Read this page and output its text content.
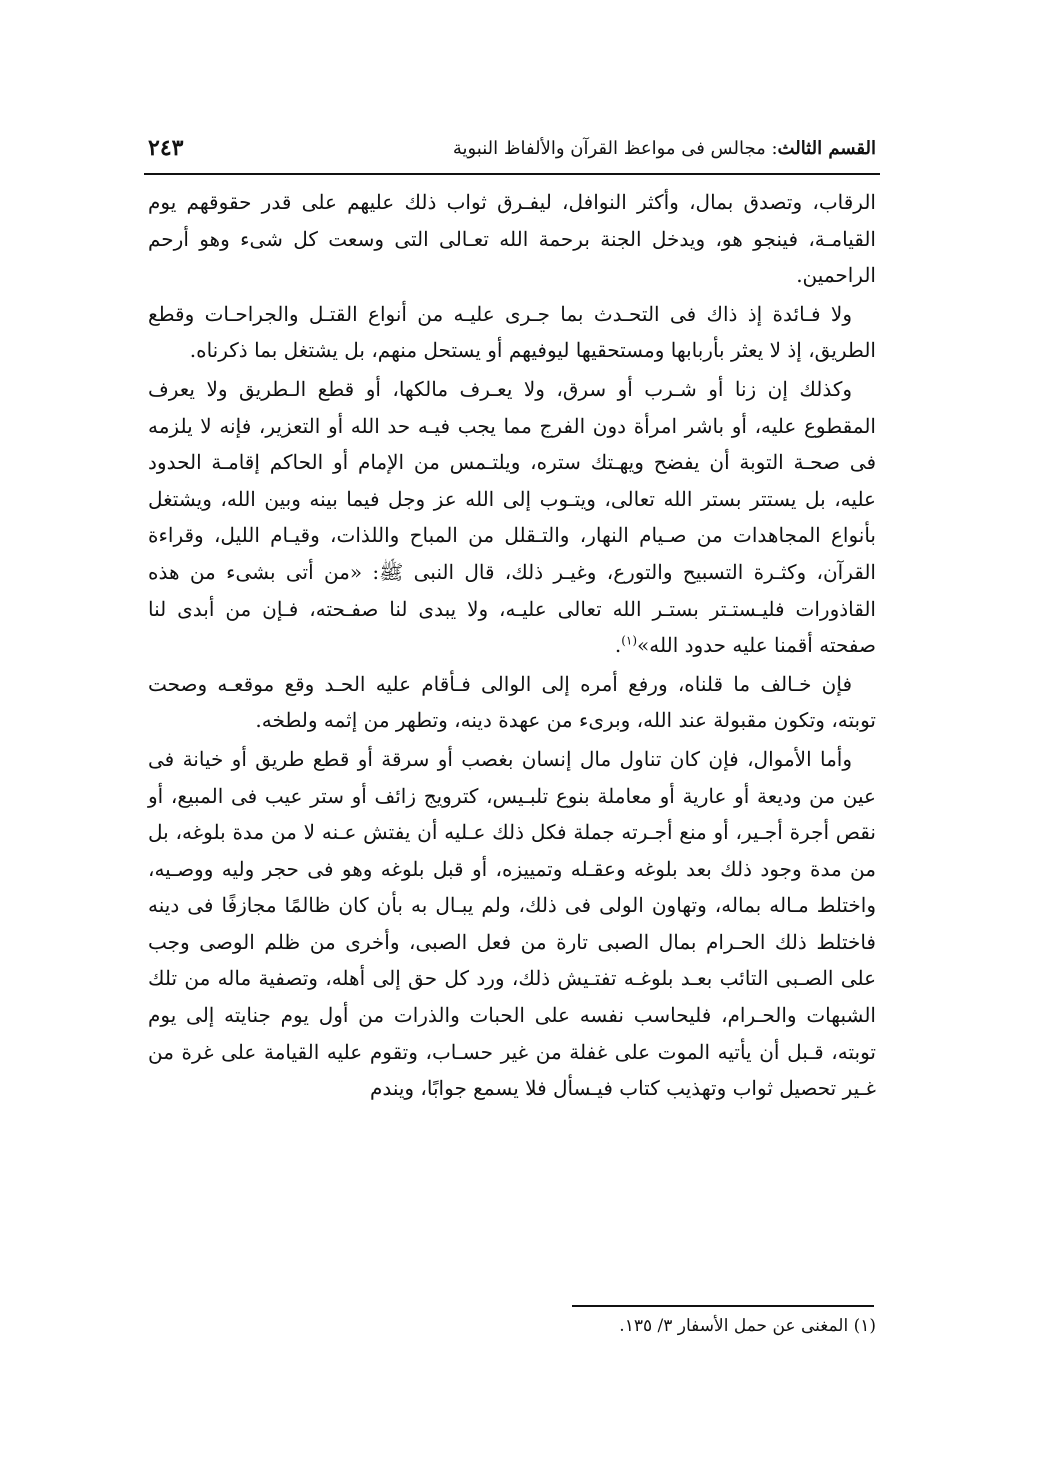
القسم الثالث: مجالس فى مواعظ القرآن والألفاظ النبوية
٢٤٣

الرقاب، وتصدق بمال، وأكثر النوافل، ليفـرق ثواب ذلك عليهم على قدر حقوقهم يوم القيامـة، فينجو هو، ويدخل الجنة برحمة الله تعـالى التى وسعت كل شىء وهو أرحم الراحمين.

ولا فـائدة إذ ذاك فى التحـدث بما جـرى عليـه من أنواع القتـل والجراحـات وقطع الطريق، إذ لا يعثر بأربابها ومستحقيها ليوفيهم أو يستحل منهم، بل يشتغل بما ذكرناه.

وكذلك إن زنا أو شـرب أو سرق، ولا يعـرف مالكها، أو قطع الـطريق ولا يعرف المقطوع عليه، أو باشر امرأة دون الفرج مما يجب فيـه حد الله أو التعزير، فإنه لا يلزمه فى صحـة التوبة أن يفضح ويهـتك ستره، ويلتـمس من الإمام أو الحاكم إقامـة الحدود عليه، بل يستتر بستر الله تعالى، ويتـوب إلى الله عز وجل فيما بينه وبين الله، ويشتغل بأنواع المجاهدات من صـيام النهار، والتـقلل من المباح واللذات، وقيـام الليل، وقراءة القرآن، وكثـرة التسبيح والتورع، وغيـر ذلك، قال النبى ﷺ: «من أتى بشىء من هذه القاذورات فليـستـتر بستـر الله تعالى عليـه، ولا يبدى لنا صفـحته، فـإن من أبدى لنا صفحته أقمنا عليه حدود الله»$^{(١)}$.

فإن خـالف ما قلناه، ورفع أمره إلى الوالى فـأقام عليه الحـد وقع موقعـه وصحت توبته، وتكون مقبولة عند الله، وبرىء من عهدة دينه، وتطهر من إثمه ولطخه.

وأما الأموال، فإن كان تناول مال إنسان بغصب أو سرقة أو قطع طريق أو خيانة فى عين من وديعة أو عارية أو معاملة بنوع تلبـيس، كترويج زائف أو ستر عيب فى المبيع، أو نقص أجرة أجـير، أو منع أجـرته جملة فكل ذلك عـليه أن يفتش عـنه لا من مدة بلوغه، بل من مدة وجود ذلك بعد بلوغه وعقـله وتمييزه، أو قبل بلوغه وهو فى حجر وليه ووصـيه، واختلط مـاله بماله، وتهاون الولى فى ذلك، ولم يبـال به بأن كان ظالمًا مجازفًا فى دينه فاختلط ذلك الحـرام بمال الصبى تارة من فعل الصبى، وأخرى من ظلم الوصى وجب على الصـبى التائب بعـد بلوغـه تفتـيش ذلك، ورد كل حق إلى أهله، وتصفية ماله من تلك الشبهات والحـرام، فليحاسب نفسه على الحبات والذرات من أول يوم جنايته إلى يوم توبته، قـبل أن يأتيه الموت على غفلة من غير حسـاب، وتقوم عليه القيامة على غرة من غـير تحصيل ثواب وتهذيب كتاب فيـسأل فلا يسمع جوابًا، ويندم

(١) المغنى عن حمل الأسفار ٣/ ١٣٥.
